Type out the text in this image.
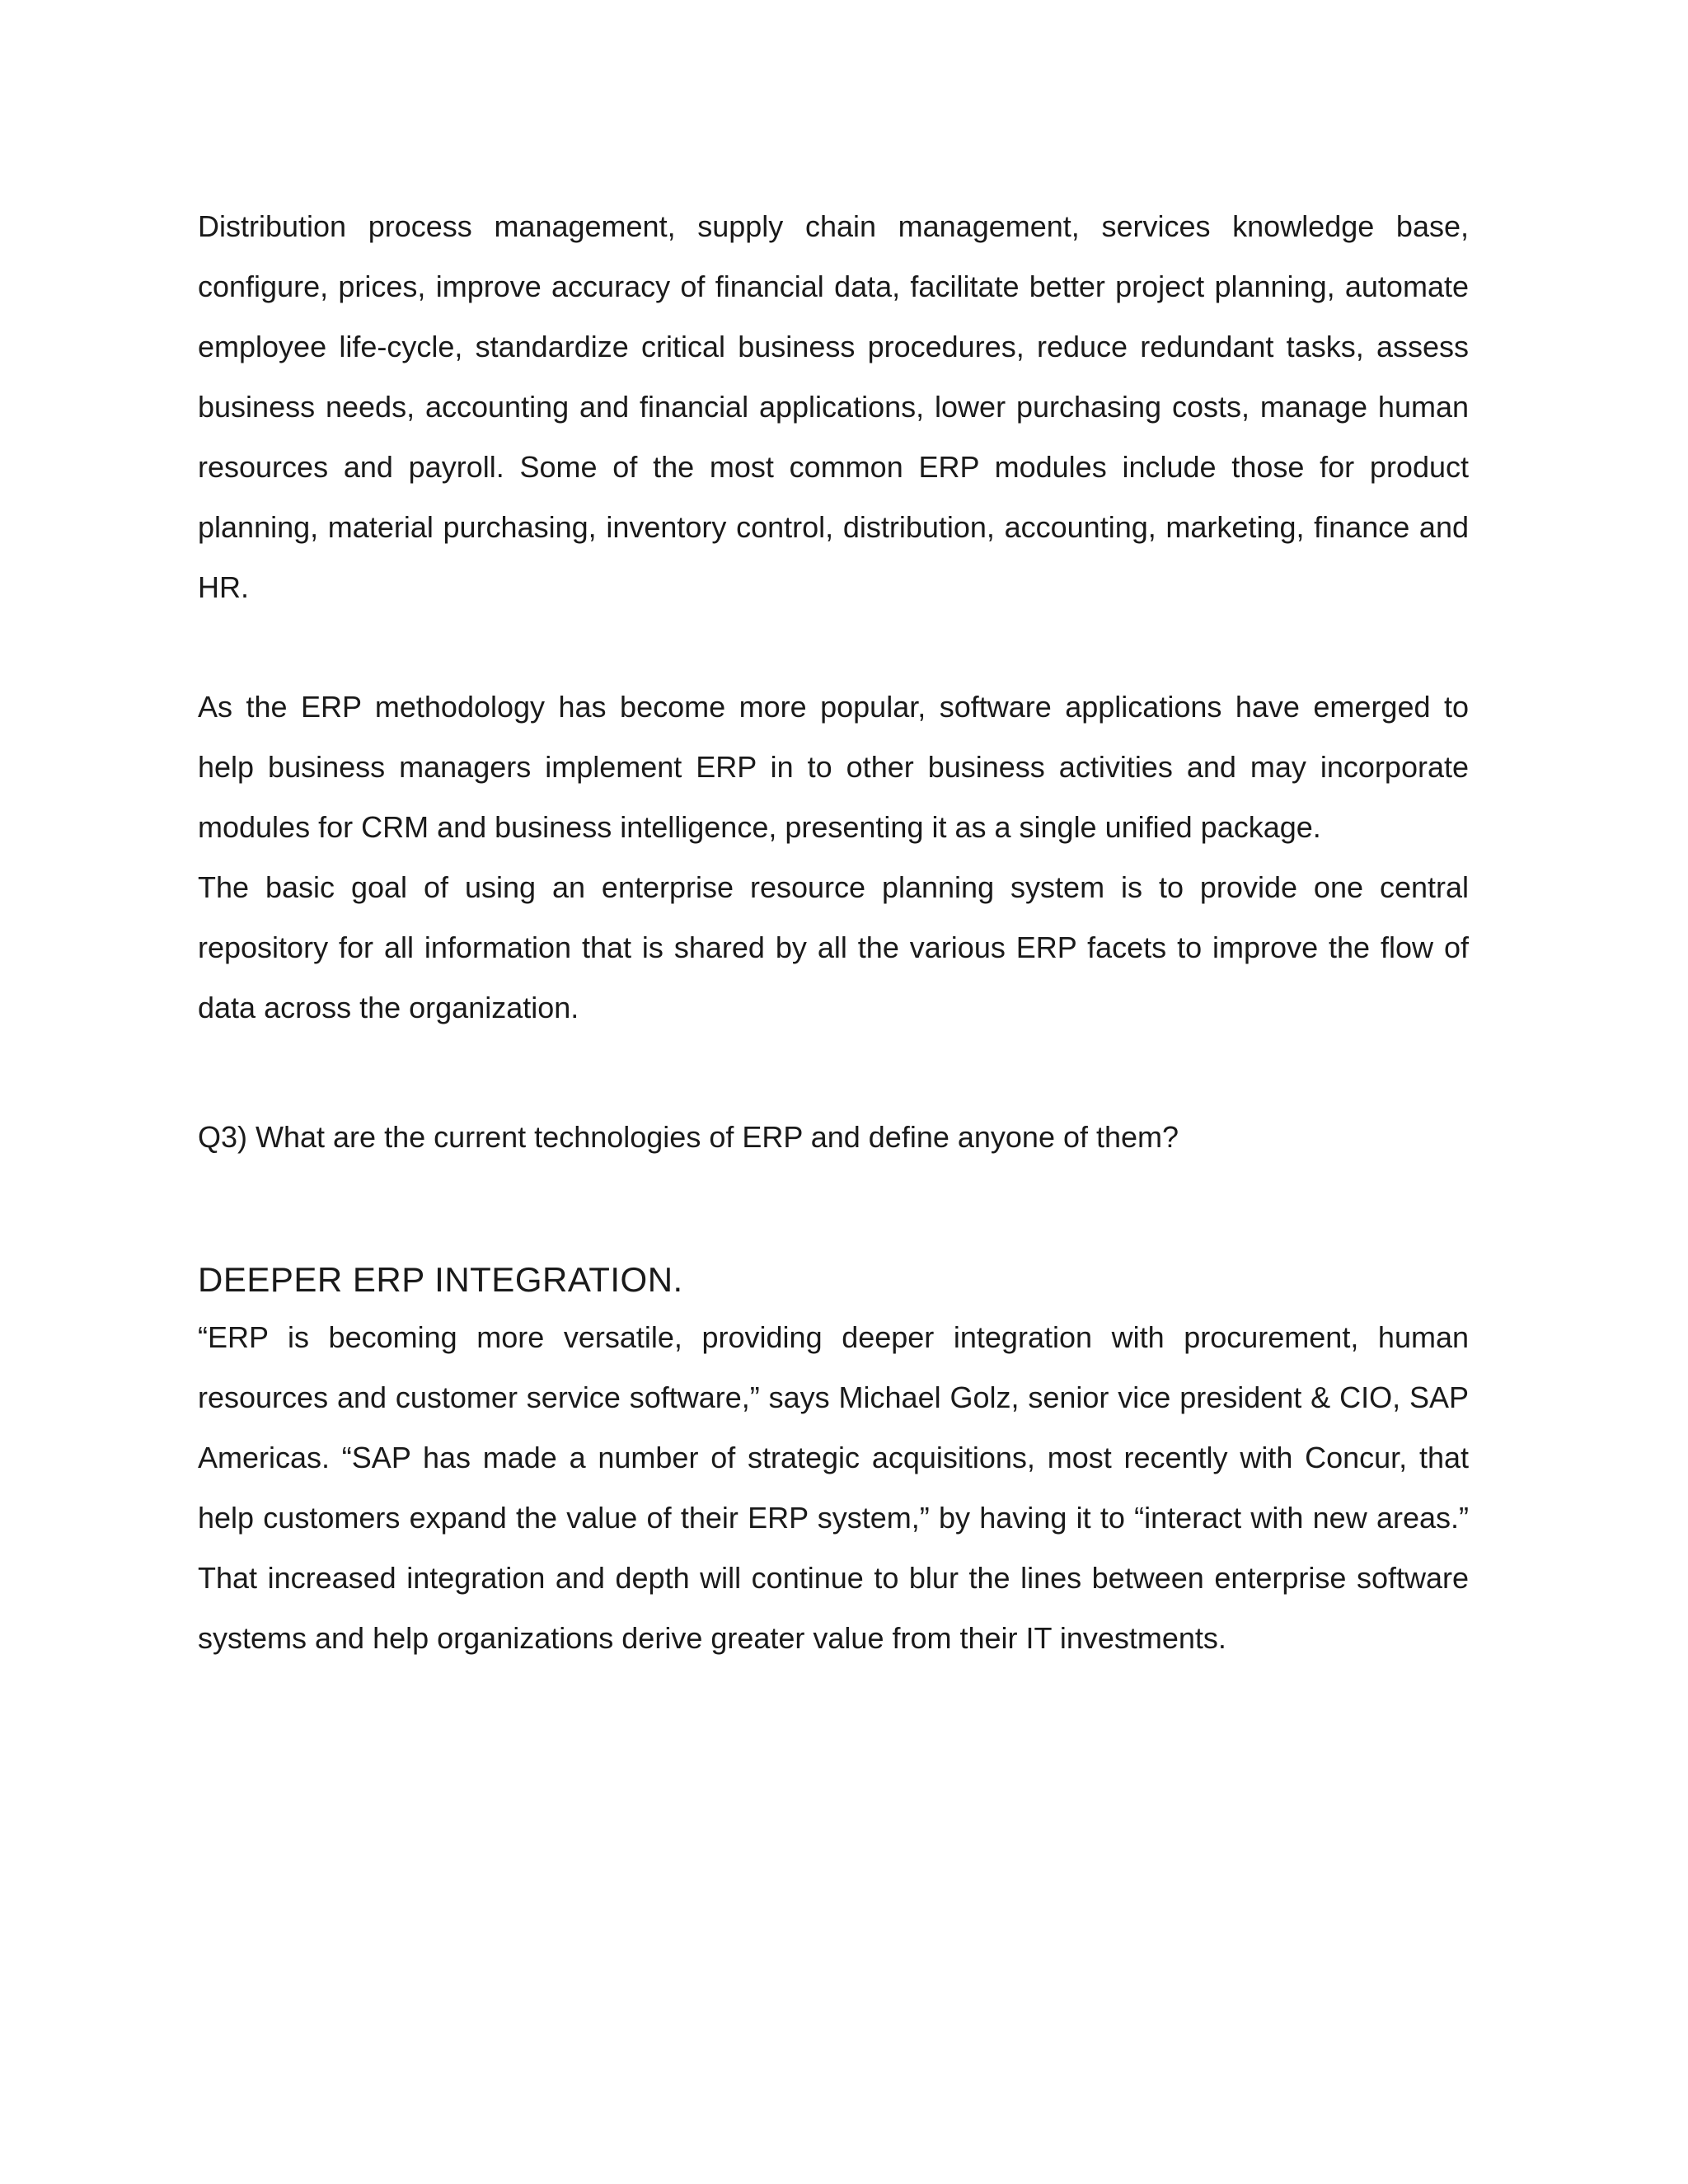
Distribution process management, supply chain management, services knowledge base, configure, prices, improve accuracy of financial data, facilitate better project planning, automate employee life-cycle, standardize critical business procedures, reduce redundant tasks, assess business needs, accounting and financial applications, lower purchasing costs, manage human resources and payroll. Some of the most common ERP modules include those for product planning, material purchasing, inventory control, distribution, accounting, marketing, finance and HR.

As the ERP methodology has become more popular, software applications have emerged to help business managers implement ERP in to other business activities and may incorporate modules for CRM and business intelligence, presenting it as a single unified package.

The basic goal of using an enterprise resource planning system is to provide one central repository for all information that is shared by all the various ERP facets to improve the flow of data across the organization.

Q3) What are the current technologies of ERP and define anyone of them?

DEEPER ERP INTEGRATION.

“ERP is becoming more versatile, providing deeper integration with procurement, human resources and customer service software,” says Michael Golz, senior vice president & CIO, SAP Americas. “SAP has made a number of strategic acquisitions, most recently with Concur, that help customers expand the value of their ERP system,” by having it to “interact with new areas.” That increased integration and depth will continue to blur the lines between enterprise software systems and help organizations derive greater value from their IT investments.
